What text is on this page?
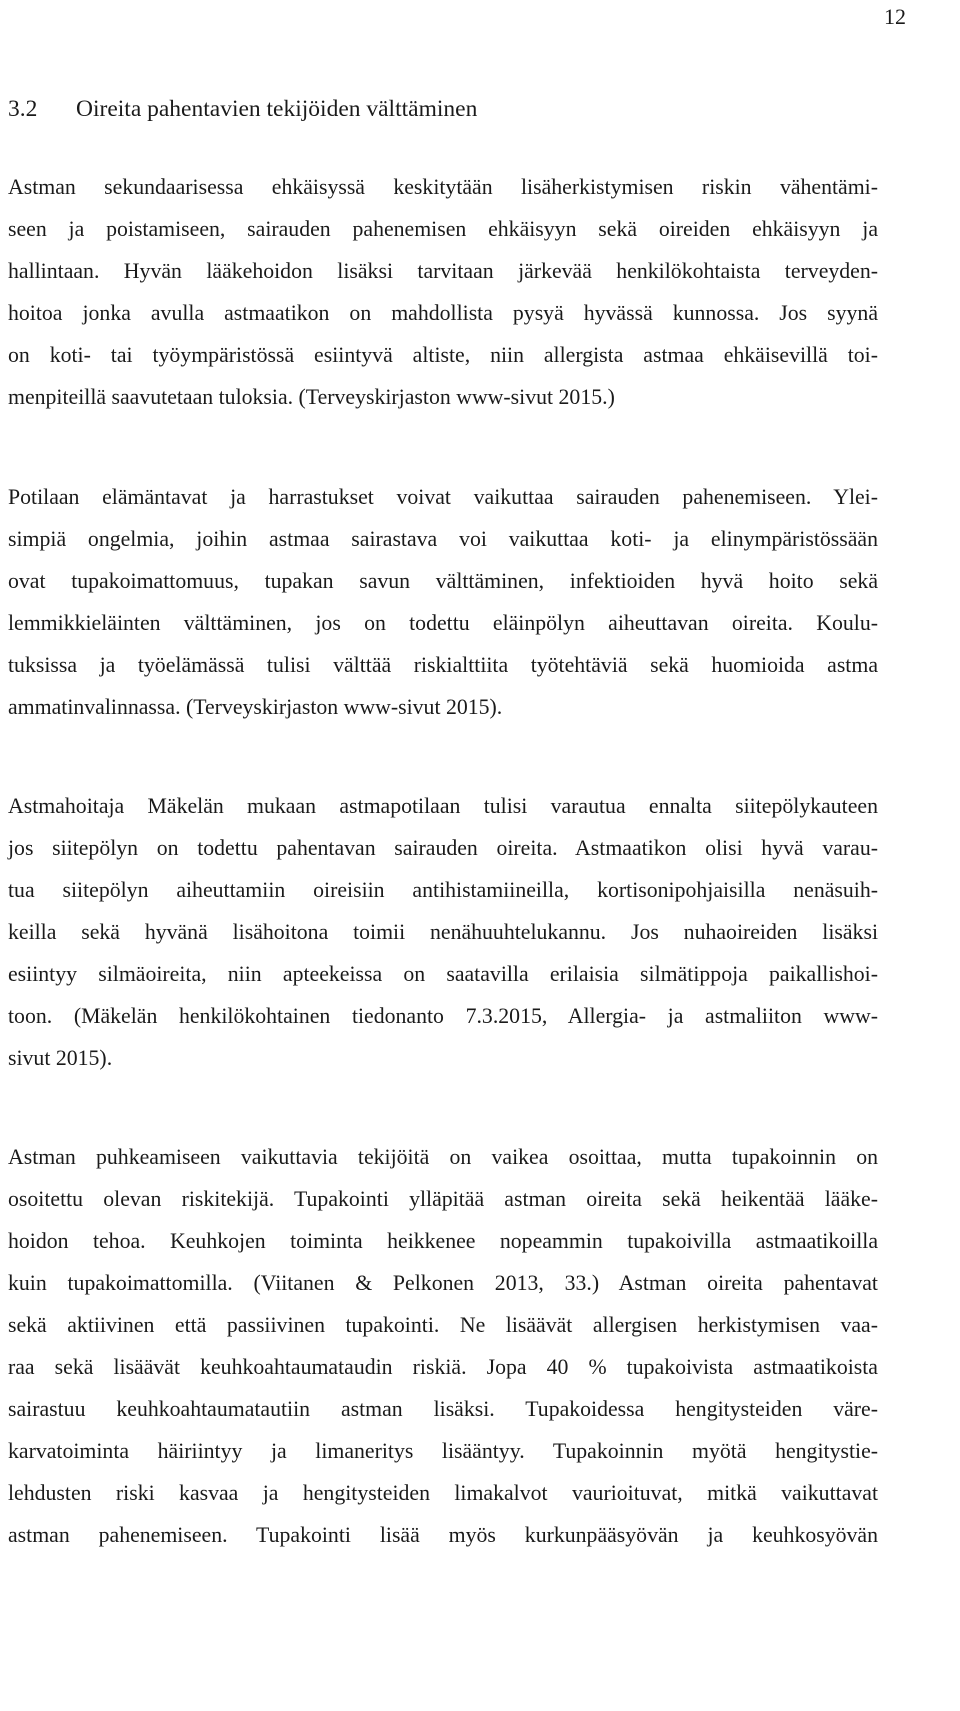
12
3.2 Oireita pahentavien tekijöiden välttäminen
Astman sekundaarisessa ehkäisyssä keskitytään lisäherkistymisen riskin vähentämi-
seen ja poistamiseen, sairauden pahenemisen ehkäisyyn sekä oireiden ehkäisyyn ja
hallintaan. Hyvän lääkehoidon lisäksi tarvitaan järkevää henkilökohtaista terveyden-
hoitoa jonka avulla astmaatikon on mahdollista pysyä hyvässä kunnossa. Jos syynä
on koti- tai työympäristössä esiintyvä altiste, niin allergista astmaa ehkäisevillä toi-
menpiteillä saavutetaan tuloksia. (Terveyskirjaston www-sivut 2015.)
Potilaan elämäntavat ja harrastukset voivat vaikuttaa sairauden pahenemiseen. Ylei-
simpiä ongelmia, joihin astmaa sairastava voi vaikuttaa koti- ja elinympäristössään
ovat tupakoimattomuus, tupakan savun välttäminen, infektioiden hyvä hoito sekä
lemmikkieläinten välttäminen, jos on todettu eläinpölyn aiheuttavan oireita. Koulu-
tuksissa ja työelämässä tulisi välttää riskialttiita työtehtäviä sekä huomioida astma
ammatinvalinnassa. (Terveyskirjaston www-sivut 2015).
Astmahoitaja Mäkelän mukaan astmapotilaan tulisi varautua ennalta siitepölykauteen
jos siitepölyn on todettu pahentavan sairauden oireita. Astmaatikon olisi hyvä varau-
tua siitepölyn aiheuttamiin oireisiin antihistamiineilla, kortisonipohjaisilla nenäsuih-
keilla sekä hyvänä lisähoitona toimii nenähuuhtelukannu. Jos nuhaoireiden lisäksi
esiintyy silmäoireita, niin apteekeissa on saatavilla erilaisia silmätippoja paikallishoi-
toon. (Mäkelän henkilökohtainen tiedonanto 7.3.2015, Allergia- ja astmaliiton www-
sivut 2015).
Astman puhkeamiseen vaikuttavia tekijöitä on vaikea osoittaa, mutta tupakoinnin on
osoitettu olevan riskitekijä. Tupakointi ylläpitää astman oireita sekä heikentää lääke-
hoidon tehoa. Keuhkojen toiminta heikkenee nopeammin tupakoivilla astmaatikoilla
kuin tupakoimattomilla. (Viitanen & Pelkonen 2013, 33.) Astman oireita pahentavat
sekä aktiivinen että passiivinen tupakointi. Ne lisäävät allergisen herkistymisen vaa-
raa sekä lisäävät keuhkoahtaumataudin riskiä. Jopa 40 % tupakoivista astmaatikoista
sairastuu keuhkoahtaumatautiin astman lisäksi. Tupakoidessa hengitysteiden väre-
karvatoiminta häiriintyy ja limaneritys lisääntyy. Tupakoinnin myötä hengitystie-
lehdusten riski kasvaa ja hengitysteiden limakalvot vaurioituvat, mitkä vaikuttavat
astman pahenemiseen. Tupakointi lisää myös kurkunpääsyövän ja keuhkosyövän
